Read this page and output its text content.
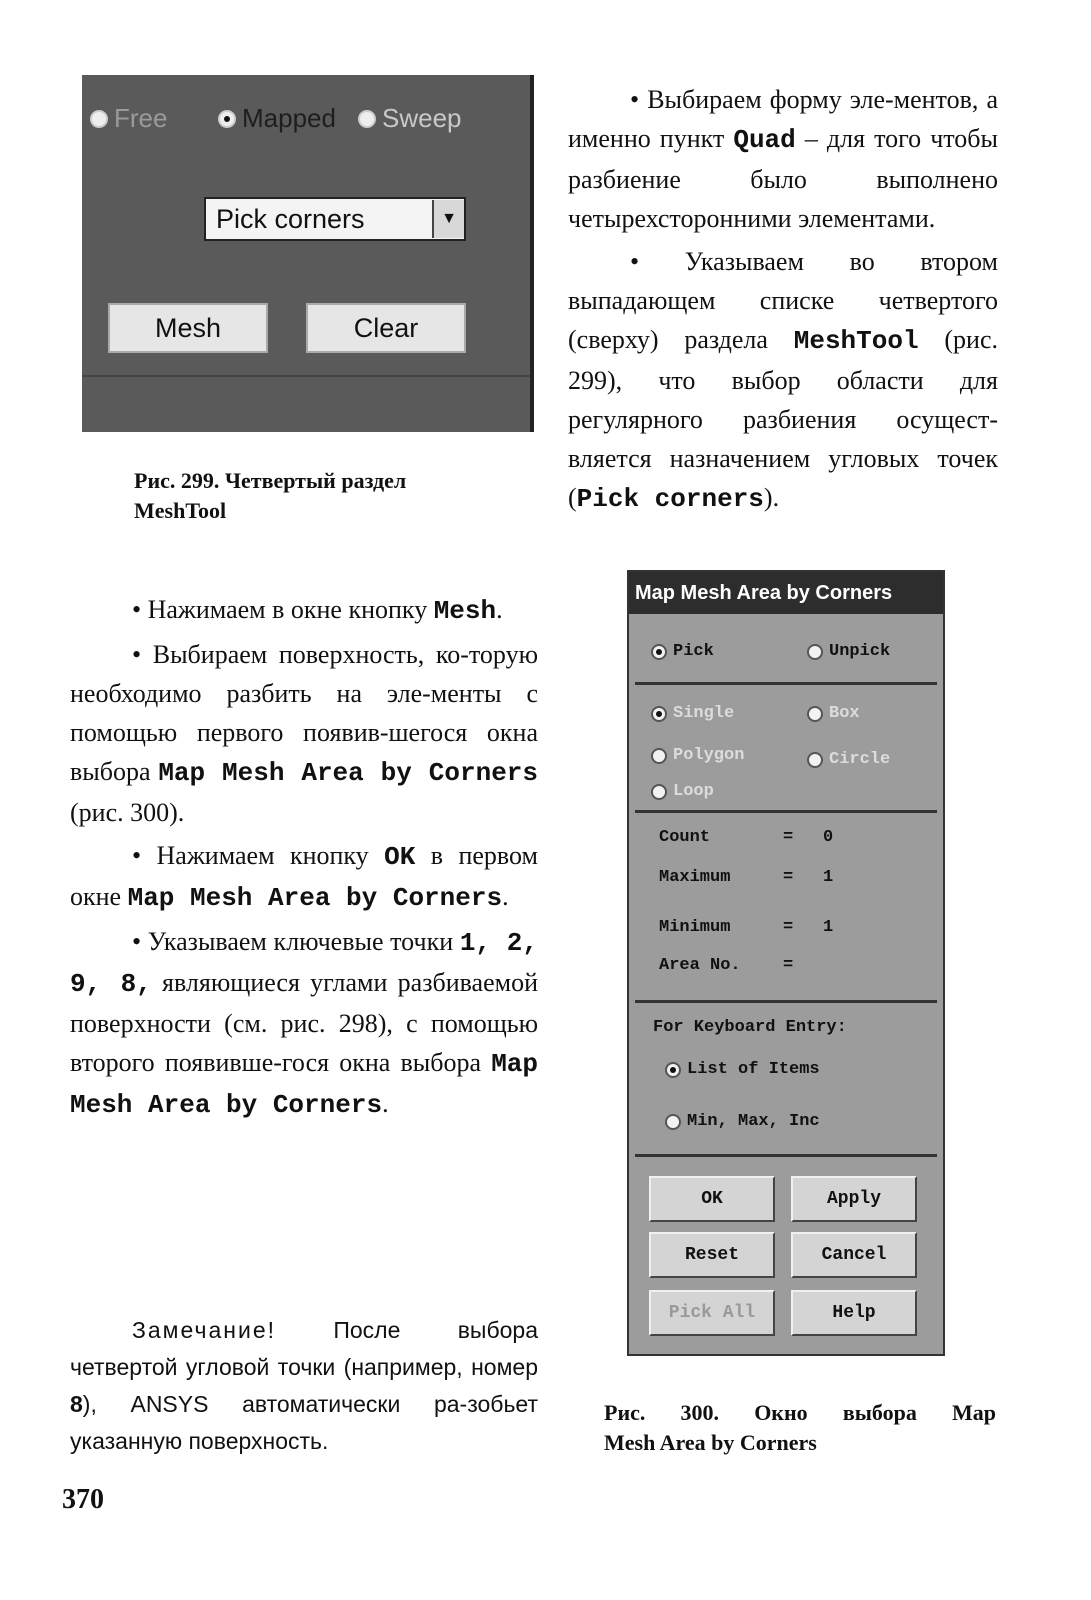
Free	Mapped Sweep
Pick corners	▼
Mesh	Clear
Рис. 299. Четвертый раздел
MeshTool

• Выбираем форму эле-ментов, а именно пункт Quad – для того чтобы разбиение было выполнено четырехсторонними элементами.

• Указываем во втором выпадающем списке четвертого (сверху) раздела MeshTool (рис. 299), что выбор области для регулярного разбиения осущест-вляется назначением угловых точек (Pick corners).

• Нажимаем в окне кнопку Mesh.

• Выбираем поверхность, ко-торую необходимо разбить на эле-менты с помощью первого появив-шегося окна выбора Map Mesh Area by Corners (рис. 300).

• Нажимаем кнопку OK в первом окне Map Mesh Area by Corners.

• Указываем ключевые точки 1, 2, 9, 8, являющиеся углами разбиваемой поверхности (см. рис. 298), с помощью второго появивше-гося окна выбора Map Mesh Area by Corners.

Замечание! После выбора четвертой угловой точки (например, номер 8), ANSYS автоматически ра-зобьет указанную поверхность.

Map Mesh Area by Corners
Pick	Unpick
Single	Box
Polygon	Circle
Loop
Count	=	0
Maximum	=	1
Minimum	=	1
Area No.	=
For Keyboard Entry:
List of Items
Min, Max, Inc
OK	Apply
Reset	Cancel
Pick All	Help
Рис. 300. Окно выбора Map
Mesh Area by Corners
370
